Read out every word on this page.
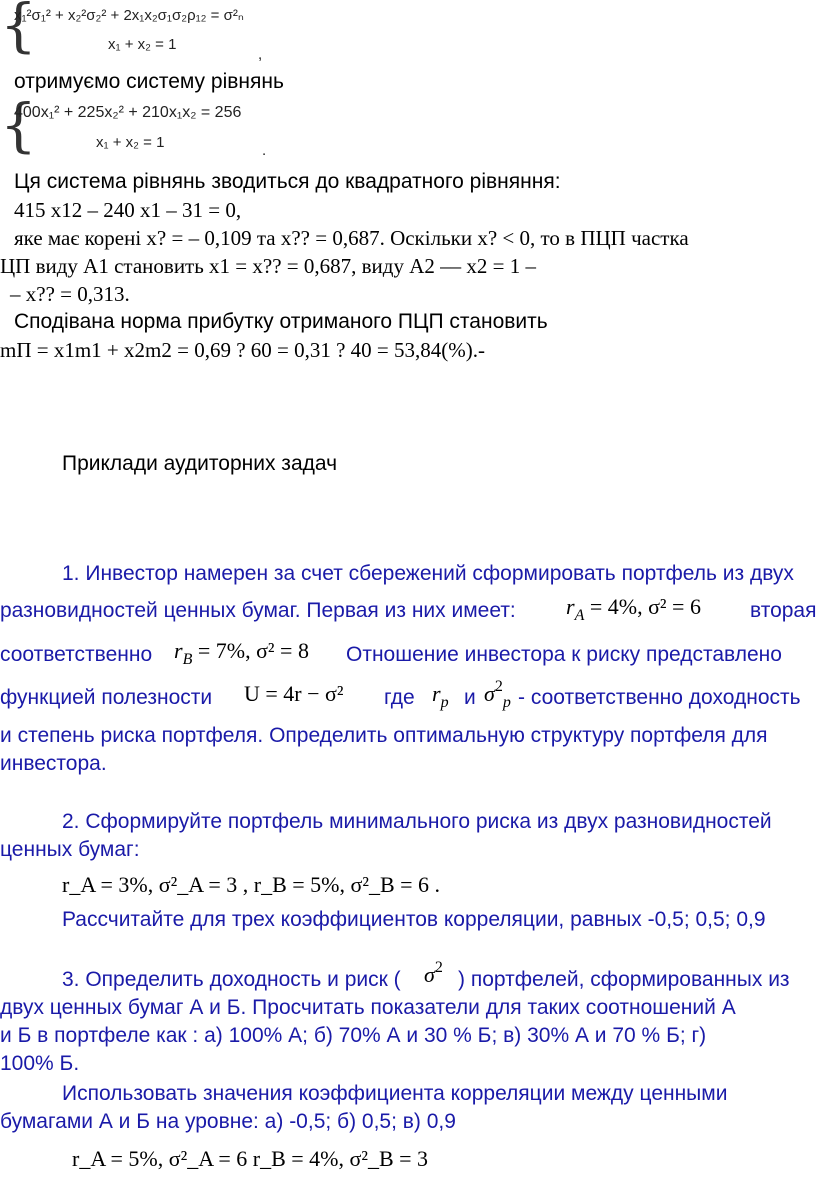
{
x₁²σ₁² + x₂²σ₂² + 2x₁x₂σ₁σ₂ρ₁₂ = σ²ₙ
x₁ + x₂ = 1
,
отримуємо систему рівнянь
{
400x₁² + 225x₂² + 210x₁x₂ = 256
x₁ + x₂ = 1	.
Ця система рівнянь зводиться до квадратного рівняння:
415 x12 – 240 x1 – 31 = 0,
яке має корені x? = – 0,109 та x?? = 0,687. Оскільки x? < 0, то в ПЦП частка
ЦП виду A1 становить x1 = x?? = 0,687, виду A2 –– x2 = 1 –
– x?? = 0,313.
Сподівана норма прибутку отриманого ПЦП становить
mП = x1m1 + x2m2 = 0,69 ? 60 = 0,31 ? 40 = 53,84(%).-
Приклади аудиторних задач
1. Инвестор намерен за счет сбережений сформировать портфель из двух
разновидностей ценных бумаг. Первая из них имеет: $r_A = 4\%$, σ² = 6 вторая
соответственно $r_B = 7\%$, σ² = 8 Отношение инвестора к риску представлено
функцией полезности U = 4r − σ² где $r_p$ и $\sigma^2_p$ - соответственно доходность
и степень риска портфеля. Определить оптимальную структуру портфеля для
инвестора.
2. Сформируйте портфель минимального риска из двух разновидностей
ценных бумаг:
r_A = 3%, σ²_A = 3 , r_B = 5%, σ²_B = 6 .
Рассчитайте для трех коэффициентов корреляции, равных -0,5; 0,5; 0,9
3. Определить доходность и риск ( $\sigma^2$
) портфелей, сформированных из
двух ценных бумаг А и Б. Просчитать показатели для таких соотношений А
и Б в портфеле как : а) 100% А; б) 70% А и 30 % Б; в) 30% А и 70 % Б; г)
100% Б.
Использовать значения коэффициента корреляции между ценными
бумагами А и Б на уровне: а) -0,5; б) 0,5; в) 0,9
r_A = 5%, σ²_A = 6 r_B = 4%, σ²_B = 3
